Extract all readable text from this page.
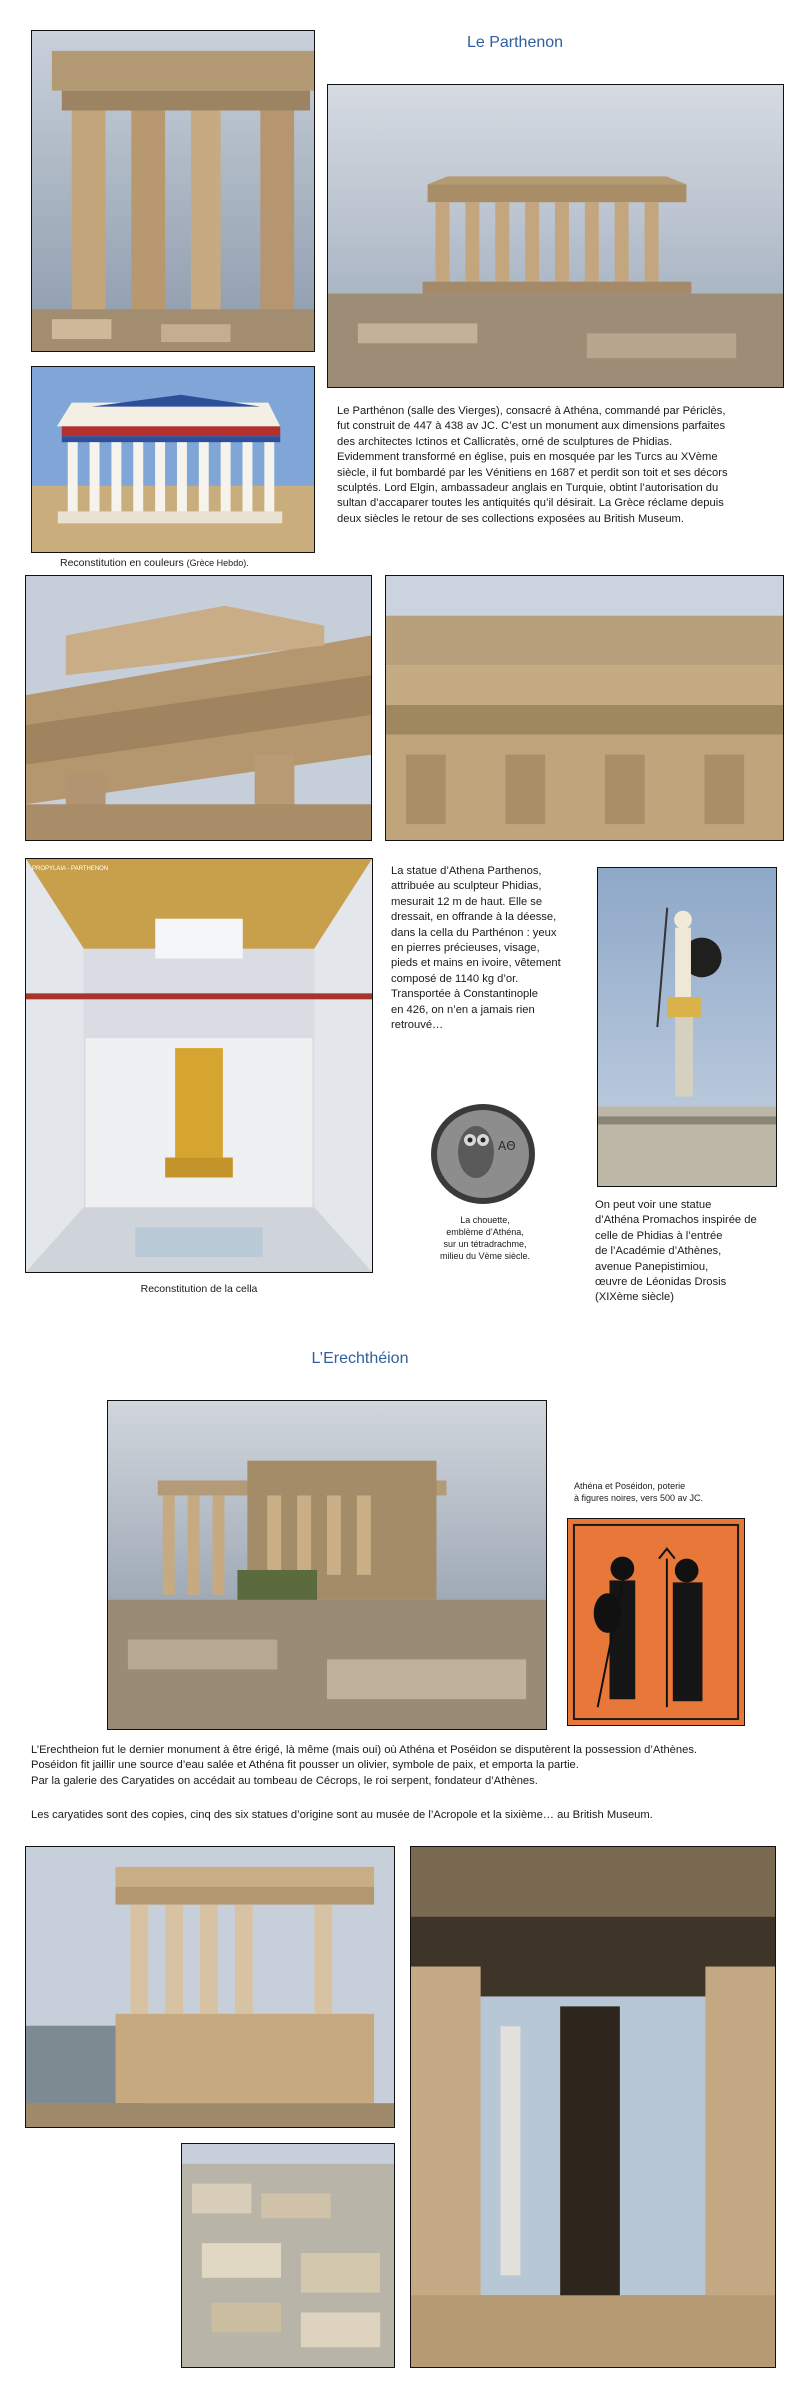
Le Parthenon
Reconstitution en couleurs (Grèce Hebdo).
Le Parthénon (salle des Vierges), consacré à Athéna, commandé par Périclès,
fut construit de 447 à 438 av JC. C’est un monument aux dimensions parfaites
des architectes Ictinos et Callicratès, orné de sculptures de Phidias.
Evidemment transformé en église, puis en mosquée par les Turcs au XVème
siècle, il fut bombardé par les Vénitiens en 1687 et perdit son toit et ses décors
sculptés. Lord Elgin, ambassadeur anglais en Turquie, obtint l’autorisation du
sultan d’accaparer toutes les antiquités qu’il désirait. La Grèce réclame depuis
deux siècles le retour de ses collections exposées au British Museum.
PROPYLAIA - PARTHENON
Reconstitution de la cella
La statue d’Athena Parthenos,
attribuée au sculpteur Phidias,
mesurait 12 m de haut. Elle se
dressait, en offrande à la déesse,
dans la cella du Parthénon : yeux
en pierres précieuses, visage,
pieds et mains en ivoire, vêtement
composé de 1140 kg d’or.
Transportée à Constantinople
en 426, on n’en a jamais rien
retrouvé…
ΑΘ
La chouette,
emblème d’Athéna,
sur un tétradrachme,
milieu du Vème siècle.
On peut voir une statue
d’Athéna Promachos inspirée de
celle de Phidias à l’entrée
de l’Académie d’Athènes,
avenue Panepistimiou,
œuvre de Léonidas Drosis
(XIXème siècle)
L’Erechthéion
Athéna et Poséidon, poterie
à figures noires, vers 500 av JC.
L’Erechtheion fut le dernier monument à être érigé, là même (mais oui) où Athéna et Poséidon se disputèrent la possession d’Athènes.
Poséidon fit jaillir une source d’eau salée et Athéna fit pousser un olivier, symbole de paix, et emporta la partie.
Par la galerie des Caryatides on accédait au tombeau de Cécrops, le roi serpent, fondateur d’Athènes.
Les caryatides sont des copies, cinq des six statues d’origine sont au musée de l’Acropole et la sixième… au British Museum.
